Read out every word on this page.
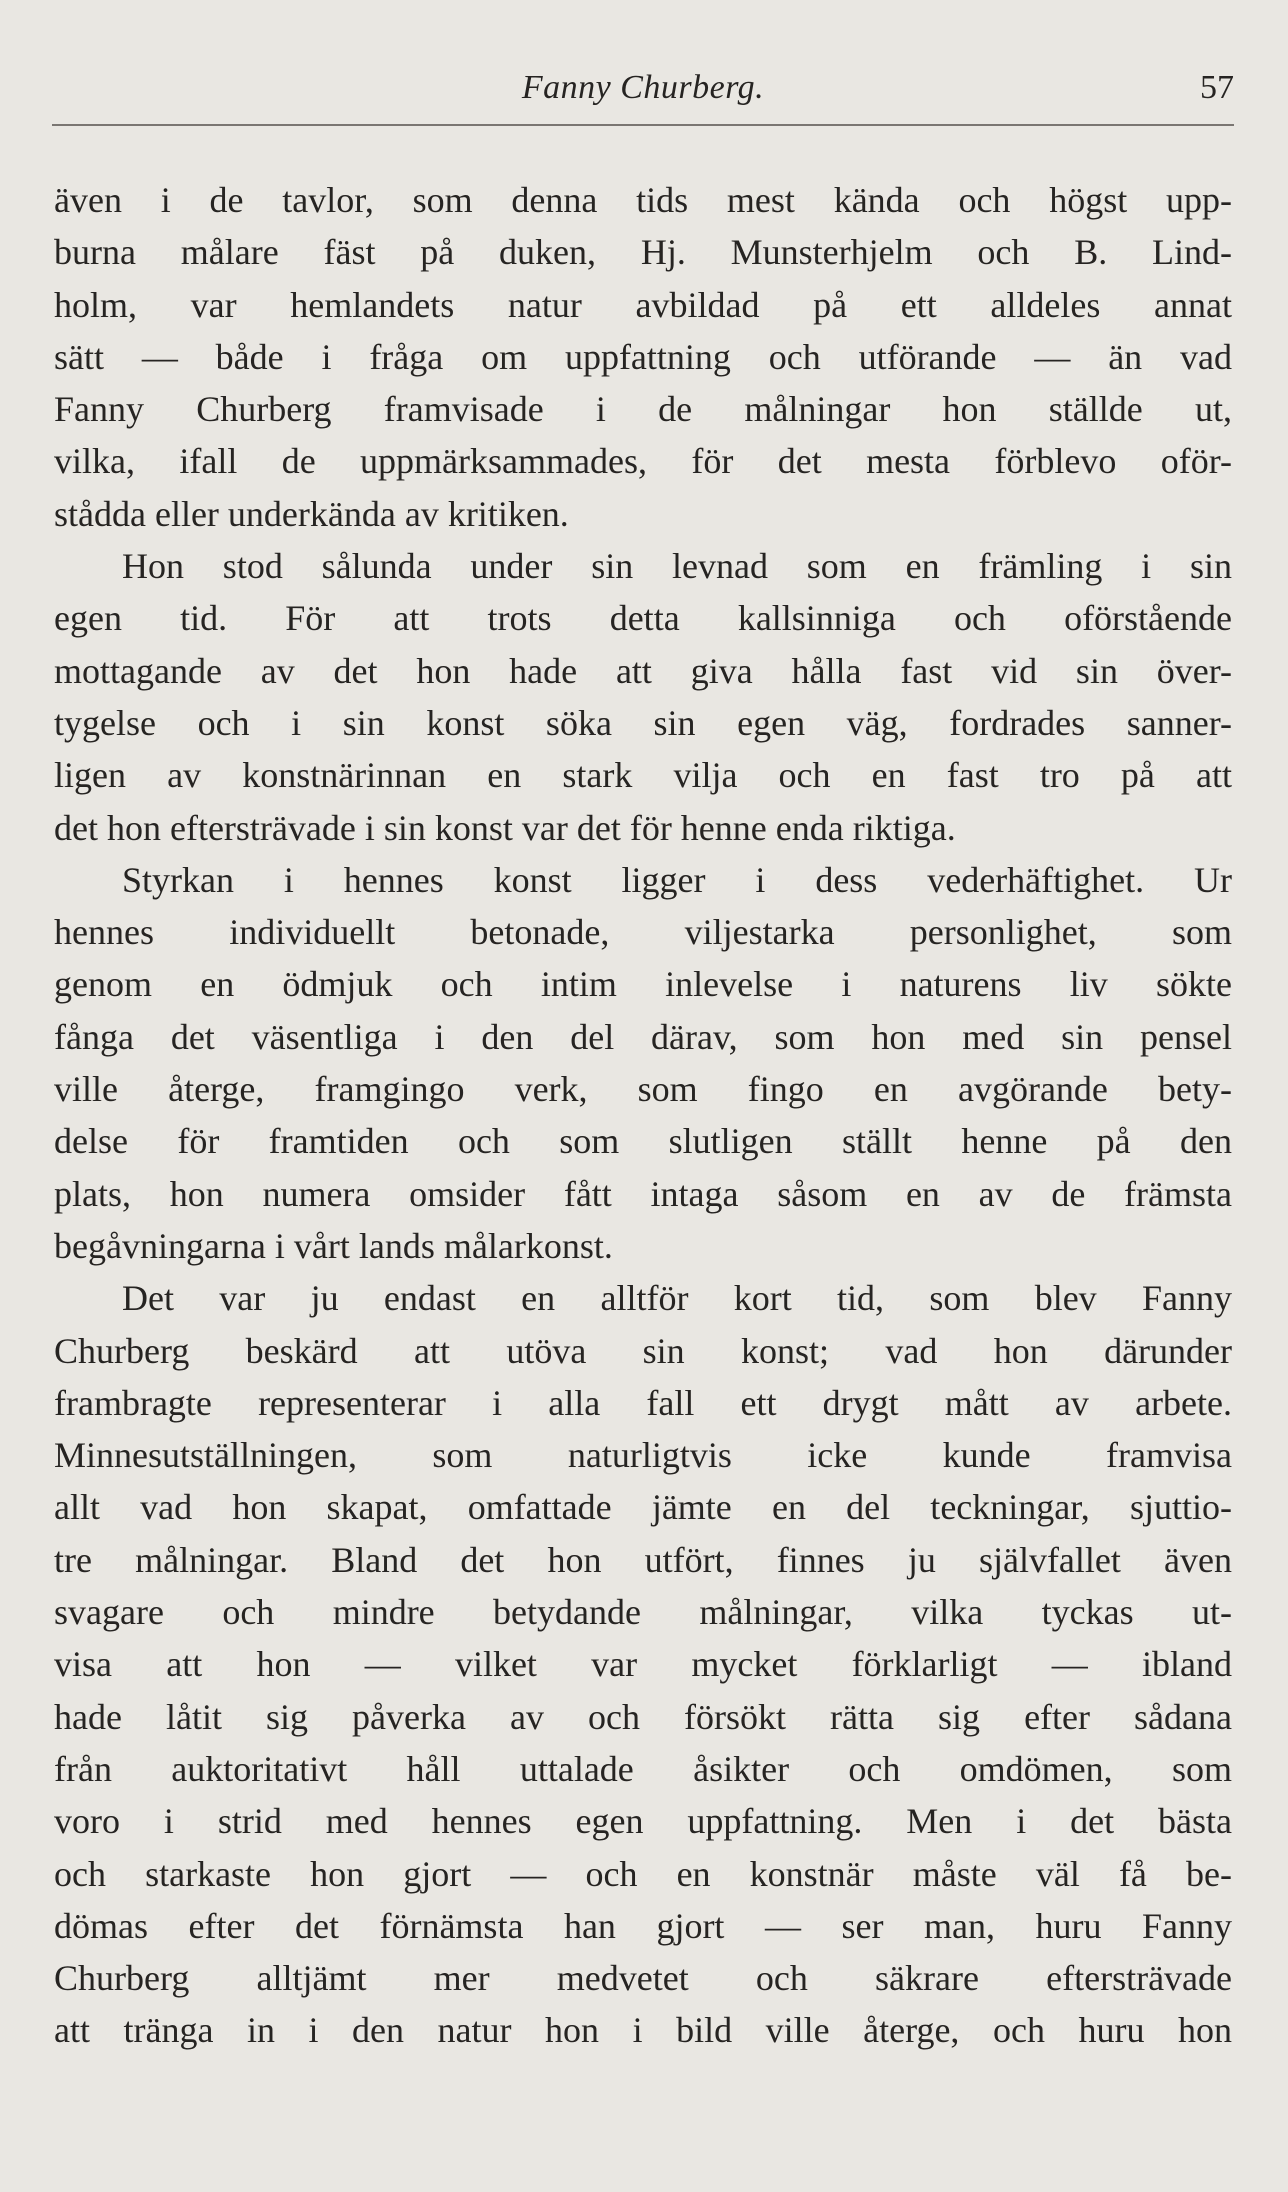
Fanny Churberg.	57
även i de tavlor, som denna tids mest kända och högst upp-
burna målare fäst på duken, Hj. Munsterhjelm och B. Lind-
holm, var hemlandets natur avbildad på ett alldeles annat
sätt — både i fråga om uppfattning och utförande — än vad
Fanny Churberg framvisade i de målningar hon ställde ut,
vilka, ifall de uppmärksammades, för det mesta förblevo oför-
stådda eller underkända av kritiken.
Hon stod sålunda under sin levnad som en främling i sin
egen tid. För att trots detta kallsinniga och oförstående
mottagande av det hon hade att giva hålla fast vid sin över-
tygelse och i sin konst söka sin egen väg, fordrades sanner-
ligen av konstnärinnan en stark vilja och en fast tro på att
det hon eftersträvade i sin konst var det för henne enda riktiga.
Styrkan i hennes konst ligger i dess vederhäftighet. Ur
hennes individuellt betonade, viljestarka personlighet, som
genom en ödmjuk och intim inlevelse i naturens liv sökte
fånga det väsentliga i den del därav, som hon med sin pensel
ville återge, framgingo verk, som fingo en avgörande bety-
delse för framtiden och som slutligen ställt henne på den
plats, hon numera omsider fått intaga såsom en av de främsta
begåvningarna i vårt lands målarkonst.
Det var ju endast en alltför kort tid, som blev Fanny
Churberg beskärd att utöva sin konst; vad hon därunder
frambragte representerar i alla fall ett drygt mått av arbete.
Minnesutställningen, som naturligtvis icke kunde framvisa
allt vad hon skapat, omfattade jämte en del teckningar, sjuttio-
tre målningar. Bland det hon utfört, finnes ju självfallet även
svagare och mindre betydande målningar, vilka tyckas ut-
visa att hon — vilket var mycket förklarligt — ibland
hade låtit sig påverka av och försökt rätta sig efter sådana
från auktoritativt håll uttalade åsikter och omdömen, som
voro i strid med hennes egen uppfattning. Men i det bästa
och starkaste hon gjort — och en konstnär måste väl få be-
dömas efter det förnämsta han gjort — ser man, huru Fanny
Churberg alltjämt mer medvetet och säkrare eftersträvade
att tränga in i den natur hon i bild ville återge, och huru hon
